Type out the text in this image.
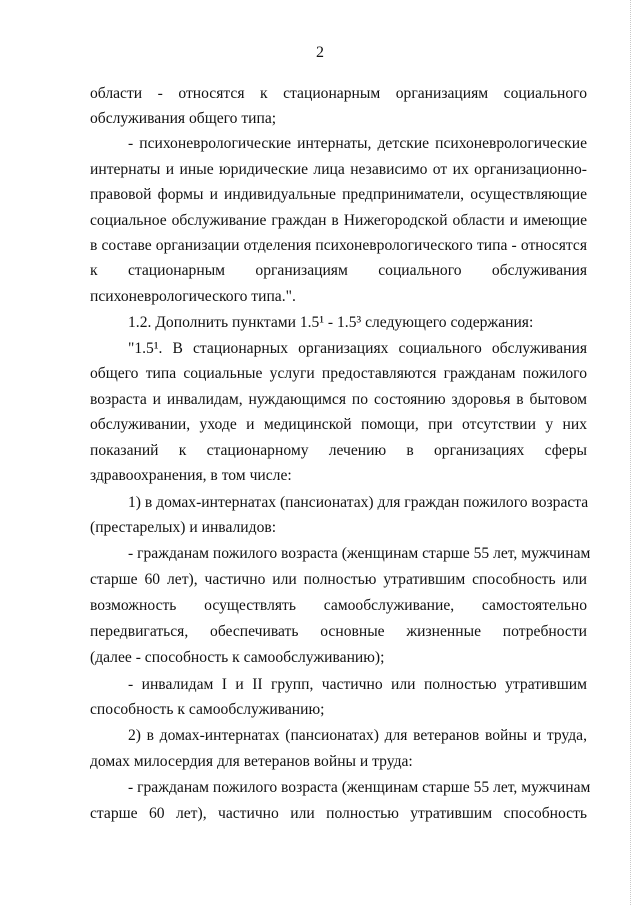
2
области - относятся к стационарным организациям социального
обслуживания общего типа;
- психоневрологические интернаты, детские психоневрологические
интернаты и иные юридические лица независимо от их организационно-
правовой формы и индивидуальные предприниматели, осуществляющие
социальное обслуживание граждан в Нижегородской области и имеющие
в составе организации отделения психоневрологического типа - относятся
к стационарным организациям социального обслуживания
психоневрологического типа.".
1.2. Дополнить пунктами 1.5¹ - 1.5³ следующего содержания:
"1.5¹. В стационарных организациях социального обслуживания
общего типа социальные услуги предоставляются гражданам пожилого
возраста и инвалидам, нуждающимся по состоянию здоровья в бытовом
обслуживании, уходе и медицинской помощи, при отсутствии у них
показаний к стационарному лечению в организациях сферы
здравоохранения, в том числе:
1) в домах-интернатах (пансионатах) для граждан пожилого возраста
(престарелых) и инвалидов:
- гражданам пожилого возраста (женщинам старше 55 лет, мужчинам
старше 60 лет), частично или полностью утратившим способность или
возможность осуществлять самообслуживание, самостоятельно
передвигаться, обеспечивать основные жизненные потребности
(далее - способность к самообслуживанию);
- инвалидам I и II групп, частично или полностью утратившим
способность к самообслуживанию;
2) в домах-интернатах (пансионатах) для ветеранов войны и труда,
домах милосердия для ветеранов войны и труда:
- гражданам пожилого возраста (женщинам старше 55 лет, мужчинам
старше 60 лет), частично или полностью утратившим способность
